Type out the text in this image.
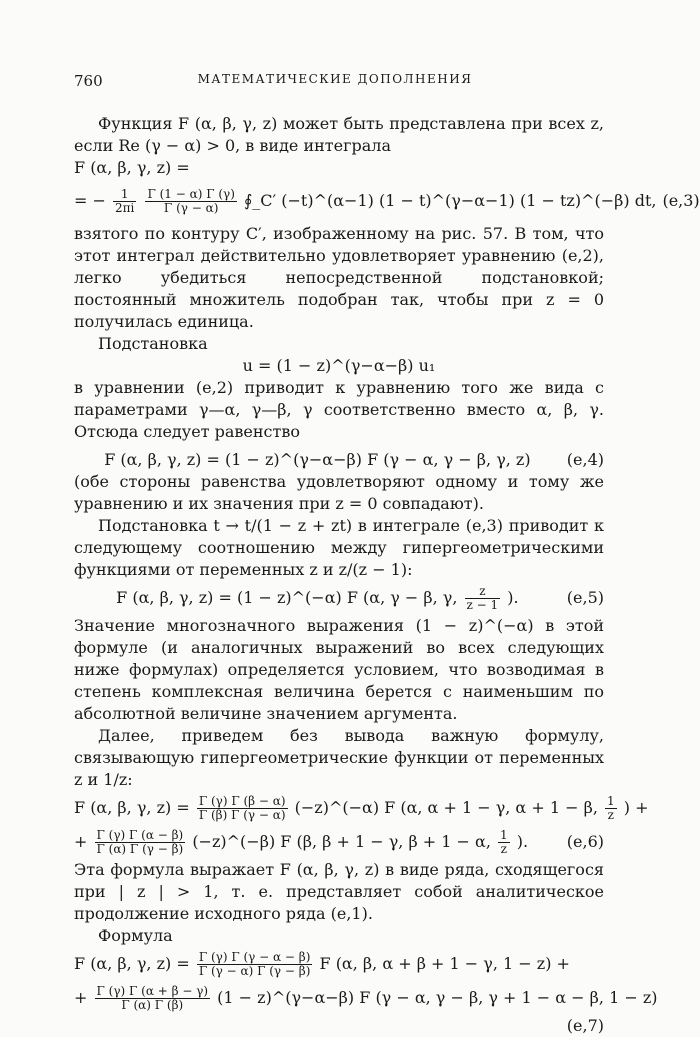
760	МАТЕМАТИЧЕСКИЕ ДОПОЛНЕНИЯ

Функция F (α, β, γ, z) может быть представлена при всех z, если Re (γ − α) > 0, в виде интеграла

F (α, β, γ, z) =
= − $\frac{1}{2\pi i}$
$\frac{\Gamma (1 - \alpha) \Gamma (\gamma)}{\Gamma (\gamma - \alpha)}$ ∮_C′ (−t)^(α−1) (1 − t)^(γ−α−1) (1 − tz)^(−β) dt, (e,3)

взятого по контуру C′, изображенному на рис. 57. В том, что этот интеграл действительно удовлетворяет уравнению (e,2), легко убедиться непосредственной подстановкой; постоянный множитель подобран так, чтобы при z = 0 получилась единица.

Подстановка

u = (1 − z)^(γ−α−β) u₁

в уравнении (e,2) приводит к уравнению того же вида с параметрами γ—α, γ—β, γ соответственно вместо α, β, γ. Отсюда следует равенство

F (α, β, γ, z) = (1 − z)^(γ−α−β) F (γ − α, γ − β, γ, z)	(e,4)

(обе стороны равенства удовлетворяют одному и тому же уравнению и их значения при z = 0 совпадают).

Подстановка t → t/(1 − z + zt) в интеграле (e,3) приводит к следующему соотношению между гипергеометрическими функциями от переменных z и z/(z − 1):

F (α, β, γ, z) = (1 − z)^(−α) F (α, γ − β, γ, $\frac{z}{z - 1}$ ).	(e,5)

Значение многозначного выражения (1 − z)^(−α) в этой формуле (и аналогичных выражений во всех следующих ниже формулах) определяется условием, что возводимая в степень комплексная величина берется с наименьшим по абсолютной величине значением аргумента.

Далее, приведем без вывода важную формулу, связывающую гипергеометрические функции от переменных z и 1/z:

F (α, β, γ, $z) = \frac{\Gamma (\gamma) \Gamma (\beta - \alpha)}{\Gamma (\beta) \Gamma (\gamma - \alpha)}$ (−z)^(−α) F (α, α + 1 − γ, α + 1 − β, $\frac{1}{z}$ ) +
+ $\frac{\Gamma (\gamma) \Gamma (\alpha - \beta)}{\Gamma (\alpha) \Gamma (\gamma - \beta)}$ (−z)^(−β) F (β, β + 1 − γ, β + 1 − α, $\frac{1}{z}$ ).	(e,6)

Эта формула выражает F (α, β, γ, z) в виде ряда, сходящегося при | z | > 1, т. е. представляет собой аналитическое продолжение исходного ряда (e,1).

Формула

F (α, β, γ, $z) = \frac{\Gamma (\gamma) \Gamma (\gamma - \alpha - \beta)}{\Gamma (\gamma - \alpha) \Gamma (\gamma - \beta)}$ F (α, β, α + β + 1 − γ, 1 − z) +
+ $\frac{\Gamma (\gamma) \Gamma (\alpha + \beta - \gamma)}{\Gamma (\alpha) \Gamma (\beta)} (1$ − z)^(γ−α−β) F (γ − α, γ − β, γ + 1 − α − β, 1 − z)
(e,7)
